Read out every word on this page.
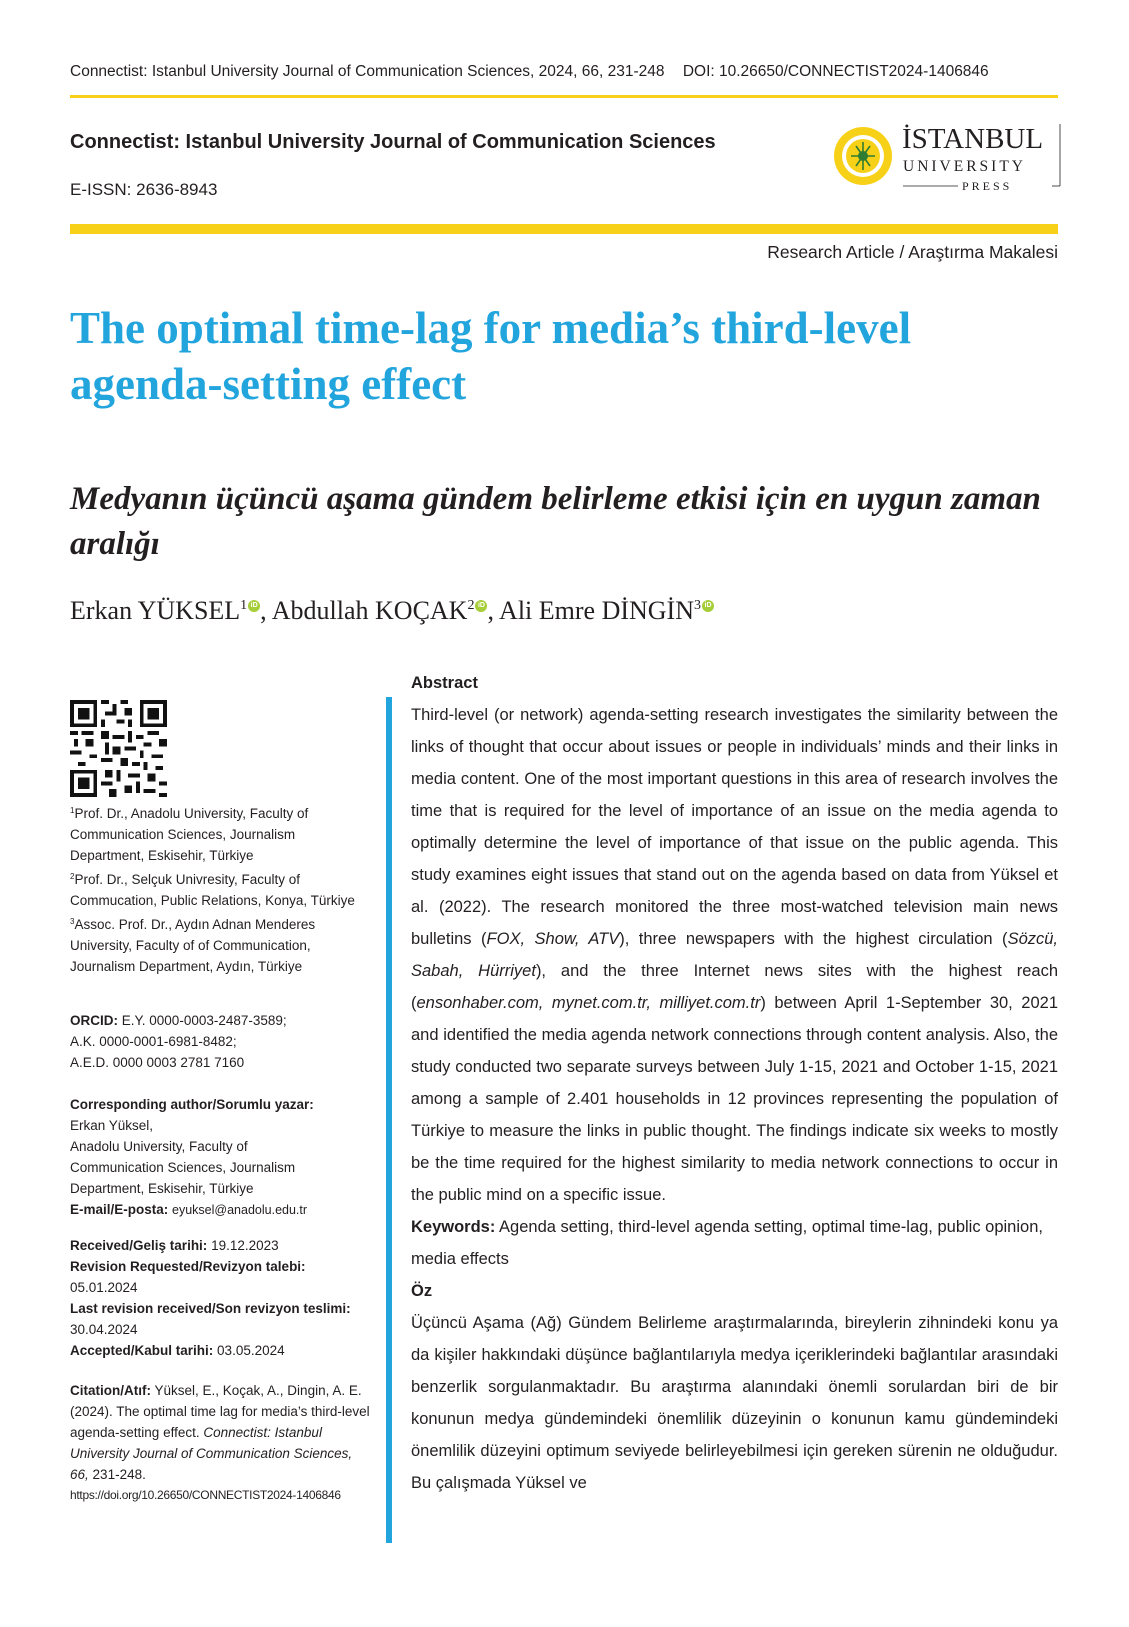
Connectist: Istanbul University Journal of Communication Sciences, 2024, 66, 231-248 DOI: 10.26650/CONNECTIST2024-1406846
Connectist: Istanbul University Journal of Communication Sciences
E-ISSN: 2636-8943
İSTANBUL
UNIVERSITY
PRESS
Research Article / Araştırma Makalesi
The optimal time-lag for media’s third-level agenda-setting effect
Medyanın üçüncü aşama gündem belirleme etkisi için en uygun zaman aralığı
Erkan YÜKSEL$^1$ iD, Abdullah KOÇAK$^2$ iD, Ali Emre DİNGİN$^3$ iD

$^1$Prof. Dr., Anadolu University, Faculty of Communication Sciences, Journalism Department, Eskisehir, Türkiye

$^2$Prof. Dr., Selçuk Univresity, Faculty of Commucation, Public Relations, Konya, Türkiye

$^3$Assoc. Prof. Dr., Aydın Adnan Menderes University, Faculty of of Communication, Journalism Department, Aydın, Türkiye

ORCID: E.Y. 0000-0003-2487-3589;

A.K. 0000-0001-6981-8482;

A.E.D. 0000 0003 2781 7160

Corresponding author/Sorumlu yazar:

Erkan Yüksel,

Anadolu University, Faculty of

Communication Sciences, Journalism

Department, Eskisehir, Türkiye

E-mail/E-posta: eyuksel@anadolu.edu.tr

Received/Geliş tarihi: 19.12.2023

Revision Requested/Revizyon talebi:

05.01.2024

Last revision received/Son revizyon teslimi: 30.04.2024

Accepted/Kabul tarihi: 03.05.2024

Citation/Atıf: Yüksel, E., Koçak, A., Dingin, A. E. (2024). The optimal time lag for media’s third-level agenda-setting effect. Connectist: Istanbul University Journal of Communication Sciences, 66, 231-248.

https://doi.org/10.26650/CONNECTIST2024-1406846

Abstract

Third-level (or network) agenda-setting research investigates the similarity between the links of thought that occur about issues or people in individuals’ minds and their links in media content. One of the most important questions in this area of research involves the time that is required for the level of importance of an issue on the media agenda to optimally determine the level of importance of that issue on the public agenda. This study examines eight issues that stand out on the agenda based on data from Yüksel et al. (2022). The research monitored the three most-watched television main news bulletins (FOX, Show, ATV), three newspapers with the highest circulation (Sözcü, Sabah, Hürriyet), and the three Internet news sites with the highest reach (ensonhaber.com, mynet.com.tr, milliyet.com.tr) between April 1-September 30, 2021 and identified the media agenda network connections through content analysis. Also, the study conducted two separate surveys between July 1-15, 2021 and October 1-15, 2021 among a sample of 2.401 households in 12 provinces representing the population of Türkiye to measure the links in public thought. The findings indicate six weeks to mostly be the time required for the highest similarity to media network connections to occur in the public mind on a specific issue.

Keywords: Agenda setting, third-level agenda setting, optimal time-lag, public opinion, media effects

Öz

Üçüncü Aşama (Ağ) Gündem Belirleme araştırmalarında, bireylerin zihnindeki konu ya da kişiler hakkındaki düşünce bağlantılarıyla medya içeriklerindeki bağlantılar arasındaki benzerlik sorgulanmaktadır. Bu araştırma alanındaki önemli sorulardan biri de bir konunun medya gündemindeki önemlilik düzeyinin o konunun kamu gündemindeki önemlilik düzeyini optimum seviyede belirleyebilmesi için gereken sürenin ne olduğudur. Bu çalışmada Yüksel ve
